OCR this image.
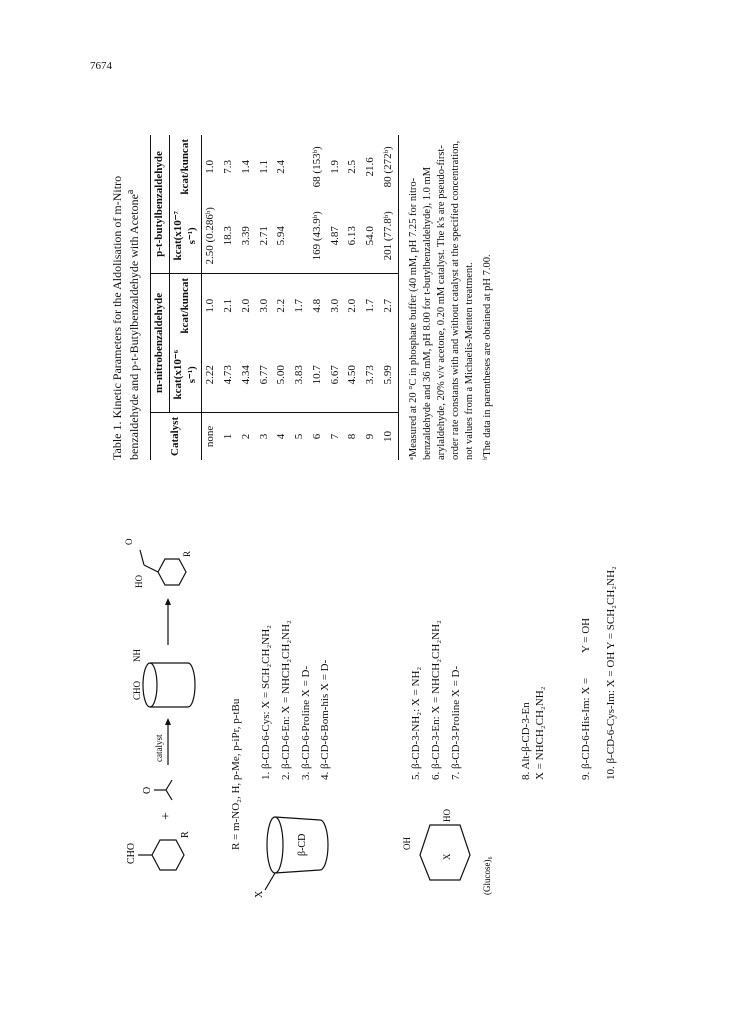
7674
CHO
R
+
O
catalyst
CHO
NH
HO
O
R
R = m-NO₂, H, p-Me, p-iPr, p-tBu	β-CD
X
1. β-CD-6-Cys: X = SCH₂CH₂NH₂ 2. β-CD-6-En: X = NHCH₂CH₂NH₂ 3. β-CD-6-Proline X = D- 4. β-CD-6-Bom-his X = D-
OH
HO
X	(Glucose)₆
5. β-CD-3-NH₂: X = NH₂ 6. β-CD-3-En: X = NHCH₂CH₂NH₂ 7. β-CD-3-Proline X = D-	8. Alt-β-CD-3-En X = NHCH₂CH₂NH₂	9. β-CD-6-His-Im: X =         Y = OH 10. β-CD-6-Cys-Im: X = OH Y = SCH₂CH₂NH₂
Table 1. Kinetic Parameters for the Aldolisation of m-Nitro benzaldehyde and p-t-Butylbenzaldehyde with Acetone$^a$
Catalyst	m-nitrobenzaldehyde		p-t-butylbenzaldehyde	
	kcat(x10⁻⁶ s⁻¹)	kcat/kuncat	kcat(x10⁻⁷ s⁻¹)	kcat/kuncat
none	2.22	1.0	2.50 (0.286ᵇ)	1.0
1	4.73	2.1	18.3	7.3
2	4.34	2.0	3.39	1.4
3	6.77	3.0	2.71	1.1
4	5.00	2.2	5.94	2.4
5	3.83	1.7		
6	10.7	4.8	169 (43.9ᵇ)	68 (153ᵇ)
7	6.67	3.0	4.87	1.9
8	4.50	2.0	6.13	2.5
9	3.73	1.7	54.0	21.6
10	5.99	2.7	201 (77.8ᵇ)	80 (272ᵇ)

ᵃMeasured at 20 °C in phosphate buffer (40 mM, pH 7.25 for nitro-benzaldehyde and 36 mM, pH 8.00 for t-butylbenzaldehyde), 1.0 mM arylaldehyde, 20% v/v acetone, 0.20 mM catalyst. The k's are pseudo-first-order rate constants with and without catalyst at the specified concentration, not values from a Michaelis-Menten treatment. ᵇThe data in parentheses are obtained at pH 7.00.
